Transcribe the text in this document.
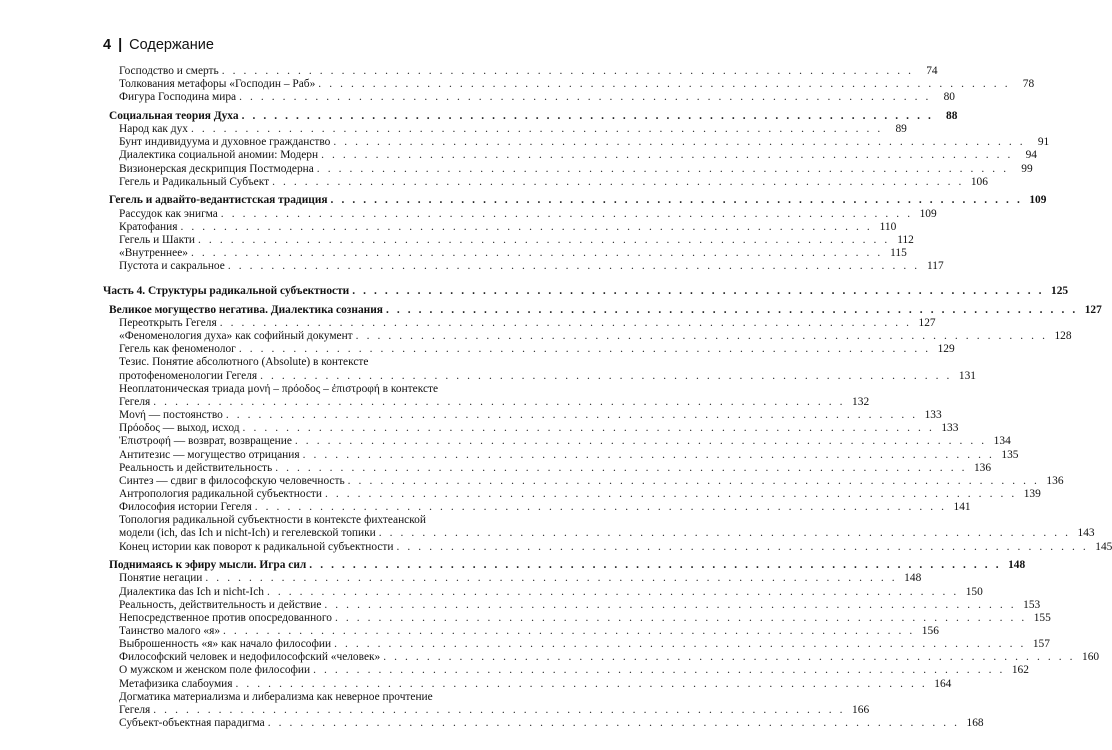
4 | Содержание
Господство и смерть . . . . . . . . . . . . . . . . . . . . . . . . . . . . . . . . . . . . . . . . . . . . . . . . . . . . . . . . . . . . . . . .	74
Толкования метафоры «Господин – Раб» . . . . . . . . . . . . . . . . . . . . . . . . . . . . . . . . . . . . . . . . . . . . . . . . . . . . . . . . . . . . . . . .	78
Фигура Господина мира . . . . . . . . . . . . . . . . . . . . . . . . . . . . . . . . . . . . . . . . . . . . . . . . . . . . . . . . . . . . . . . .	80
Социальная теория Духа . . . . . . . . . . . . . . . . . . . . . . . . . . . . . . . . . . . . . . . . . . . . . . . . . . . . . . . . . . . . . . . .	88
Народ как дух . . . . . . . . . . . . . . . . . . . . . . . . . . . . . . . . . . . . . . . . . . . . . . . . . . . . . . . . . . . . . . . .	89
Бунт индивидуума и духовное гражданство . . . . . . . . . . . . . . . . . . . . . . . . . . . . . . . . . . . . . . . . . . . . . . . . . . . . . . . . . . . . . . . .	91
Диалектика социальной аномии: Модерн . . . . . . . . . . . . . . . . . . . . . . . . . . . . . . . . . . . . . . . . . . . . . . . . . . . . . . . . . . . . . . . .	94
Визионерская дескрипция Постмодерна . . . . . . . . . . . . . . . . . . . . . . . . . . . . . . . . . . . . . . . . . . . . . . . . . . . . . . . . . . . . . . . .	99
Гегель и Радикальный Субъект . . . . . . . . . . . . . . . . . . . . . . . . . . . . . . . . . . . . . . . . . . . . . . . . . . . . . . . . . . . . . . . . 106
Гегель и адвайто-ведантистская традиция . . . . . . . . . . . . . . . . . . . . . . . . . . . . . . . . . . . . . . . . . . . . . . . . . . . . . . . . . . . . . . . . 109
Рассудок как энигма . . . . . . . . . . . . . . . . . . . . . . . . . . . . . . . . . . . . . . . . . . . . . . . . . . . . . . . . . . . . . . . . 109
Кратофания . . . . . . . . . . . . . . . . . . . . . . . . . . . . . . . . . . . . . . . . . . . . . . . . . . . . . . . . . . . . . . . . 110
Гегель и Шакти . . . . . . . . . . . . . . . . . . . . . . . . . . . . . . . . . . . . . . . . . . . . . . . . . . . . . . . . . . . . . . . . 112
«Внутреннее» . . . . . . . . . . . . . . . . . . . . . . . . . . . . . . . . . . . . . . . . . . . . . . . . . . . . . . . . . . . . . . . . 115
Пустота и сакральное . . . . . . . . . . . . . . . . . . . . . . . . . . . . . . . . . . . . . . . . . . . . . . . . . . . . . . . . . . . . . . . . 117
Часть 4. Структуры радикальной субъектности . . . . . . . . . . . . . . . . . . . . . . . . . . . . . . . . . . . . . . . . . . . . . . . . . . . . . . . . . . . . . . . . 125
Великое могущество негатива. Диалектика сознания . . . . . . . . . . . . . . . . . . . . . . . . . . . . . . . . . . . . . . . . . . . . . . . . . . . . . . . . . . . . . . . . 127
Переоткрыть Гегеля . . . . . . . . . . . . . . . . . . . . . . . . . . . . . . . . . . . . . . . . . . . . . . . . . . . . . . . . . . . . . . . . 127
«Феноменология духа» как софийный документ . . . . . . . . . . . . . . . . . . . . . . . . . . . . . . . . . . . . . . . . . . . . . . . . . . . . . . . . . . . . . . . . 128
Гегель как феноменолог . . . . . . . . . . . . . . . . . . . . . . . . . . . . . . . . . . . . . . . . . . . . . . . . . . . . . . . . . . . . . . . . 129
Тезис. Понятие абсолютного (Absolute) в контексте
протофеноменологии Гегеля . . . . . . . . . . . . . . . . . . . . . . . . . . . . . . . . . . . . . . . . . . . . . . . . . . . . . . . . . . . . . . . . 131
Неоплатоническая триада μονή – πρόοδος – ἐπιστροφή в контексте
Гегеля . . . . . . . . . . . . . . . . . . . . . . . . . . . . . . . . . . . . . . . . . . . . . . . . . . . . . . . . . . . . . . . . 132
Μονή — постоянство . . . . . . . . . . . . . . . . . . . . . . . . . . . . . . . . . . . . . . . . . . . . . . . . . . . . . . . . . . . . . . . . 133
Πρόοδος — выход, исход . . . . . . . . . . . . . . . . . . . . . . . . . . . . . . . . . . . . . . . . . . . . . . . . . . . . . . . . . . . . . . . . 133
Ἐπιστροφή — возврат, возвращение . . . . . . . . . . . . . . . . . . . . . . . . . . . . . . . . . . . . . . . . . . . . . . . . . . . . . . . . . . . . . . . . 134
Антитезис — могущество отрицания . . . . . . . . . . . . . . . . . . . . . . . . . . . . . . . . . . . . . . . . . . . . . . . . . . . . . . . . . . . . . . . . 135
Реальность и действительность . . . . . . . . . . . . . . . . . . . . . . . . . . . . . . . . . . . . . . . . . . . . . . . . . . . . . . . . . . . . . . . . 136
Синтез — сдвиг в философскую человечность . . . . . . . . . . . . . . . . . . . . . . . . . . . . . . . . . . . . . . . . . . . . . . . . . . . . . . . . . . . . . . . . 136
Антропология радикальной субъектности . . . . . . . . . . . . . . . . . . . . . . . . . . . . . . . . . . . . . . . . . . . . . . . . . . . . . . . . . . . . . . . . 139
Философия истории Гегеля . . . . . . . . . . . . . . . . . . . . . . . . . . . . . . . . . . . . . . . . . . . . . . . . . . . . . . . . . . . . . . . . 141
Топология радикальной субъектности в контексте фихтеанской
модели (ich, das Ich и nicht-Ich) и гегелевской топики . . . . . . . . . . . . . . . . . . . . . . . . . . . . . . . . . . . . . . . . . . . . . . . . . . . . . . . . . . . . . . . . 143
Конец истории как поворот к радикальной субъектности . . . . . . . . . . . . . . . . . . . . . . . . . . . . . . . . . . . . . . . . . . . . . . . . . . . . . . . . . . . . . . . . 145
Поднимаясь к эфиру мысли. Игра сил . . . . . . . . . . . . . . . . . . . . . . . . . . . . . . . . . . . . . . . . . . . . . . . . . . . . . . . . . . . . . . . . 148
Понятие негации . . . . . . . . . . . . . . . . . . . . . . . . . . . . . . . . . . . . . . . . . . . . . . . . . . . . . . . . . . . . . . . . 148
Диалектика das Ich и nicht-Ich . . . . . . . . . . . . . . . . . . . . . . . . . . . . . . . . . . . . . . . . . . . . . . . . . . . . . . . . . . . . . . . . 150
Реальность, действительность и действие . . . . . . . . . . . . . . . . . . . . . . . . . . . . . . . . . . . . . . . . . . . . . . . . . . . . . . . . . . . . . . . . 153
Непосредственное против опосредованного . . . . . . . . . . . . . . . . . . . . . . . . . . . . . . . . . . . . . . . . . . . . . . . . . . . . . . . . . . . . . . . . 155
Таинство малого «я» . . . . . . . . . . . . . . . . . . . . . . . . . . . . . . . . . . . . . . . . . . . . . . . . . . . . . . . . . . . . . . . . 156
Выброшенность «я» как начало философии . . . . . . . . . . . . . . . . . . . . . . . . . . . . . . . . . . . . . . . . . . . . . . . . . . . . . . . . . . . . . . . . 157
Философский человек и недофилософский «человек» . . . . . . . . . . . . . . . . . . . . . . . . . . . . . . . . . . . . . . . . . . . . . . . . . . . . . . . . . . . . . . . . 160
О мужском и женском поле философии . . . . . . . . . . . . . . . . . . . . . . . . . . . . . . . . . . . . . . . . . . . . . . . . . . . . . . . . . . . . . . . . 162
Метафизика слабоумия . . . . . . . . . . . . . . . . . . . . . . . . . . . . . . . . . . . . . . . . . . . . . . . . . . . . . . . . . . . . . . . . 164
Догматика материализма и либерализма как неверное прочтение
Гегеля . . . . . . . . . . . . . . . . . . . . . . . . . . . . . . . . . . . . . . . . . . . . . . . . . . . . . . . . . . . . . . . . 166
Субъект-объектная парадигма . . . . . . . . . . . . . . . . . . . . . . . . . . . . . . . . . . . . . . . . . . . . . . . . . . . . . . . . . . . . . . . . 168
